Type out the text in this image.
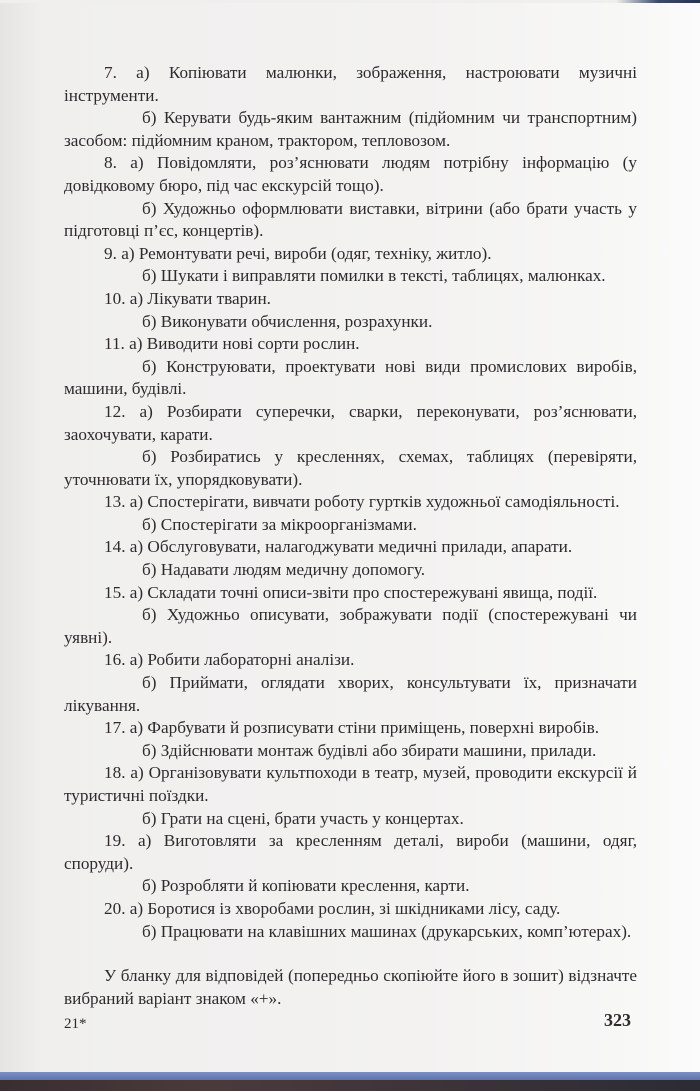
7. а) Копіювати малюнки, зображення, настроювати музичні інструменти.

б) Керувати будь-яким вантажним (підйомним чи транспортним) засобом: підйомним краном, трактором, тепловозом.

8. а) Повідомляти, роз’яснювати людям потрібну інформацію (у довідковому бюро, під час екскурсій тощо).

б) Художньо оформлювати виставки, вітрини (або брати участь у підготовці п’єс, концертів).

9. а) Ремонтувати речі, вироби (одяг, техніку, житло).

б) Шукати і виправляти помилки в тексті, таблицях, малюнках.

10. а) Лікувати тварин.

б) Виконувати обчислення, розрахунки.

11. а) Виводити нові сорти рослин.

б) Конструювати, проектувати нові види промислових виробів, машини, будівлі.

12. а) Розбирати суперечки, сварки, переконувати, роз’яснювати, заохочувати, карати.

б) Розбиратись у кресленнях, схемах, таблицях (перевіряти, уточнювати їх, упорядковувати).

13. а) Спостерігати, вивчати роботу гуртків художньої самодіяльності.

б) Спостерігати за мікроорганізмами.

14. а) Обслуговувати, налагоджувати медичні прилади, апарати.

б) Надавати людям медичну допомогу.

15. а) Складати точні описи-звіти про спостережувані явища, події.

б) Художньо описувати, зображувати події (спостережувані чи уявні).

16. а) Робити лабораторні аналізи.

б) Приймати, оглядати хворих, консультувати їх, призначати лікування.

17. а) Фарбувати й розписувати стіни приміщень, поверхні виробів.

б) Здійснювати монтаж будівлі або збирати машини, прилади.

18. а) Організовувати культпоходи в театр, музей, проводити екскурсії й туристичні поїздки.

б) Грати на сцені, брати участь у концертах.

19. а) Виготовляти за кресленням деталі, вироби (машини, одяг, споруди).

б) Розробляти й копіювати креслення, карти.

20. а) Боротися із хворобами рослин, зі шкідниками лісу, саду.

б) Працювати на клавішних машинах (друкарських, комп’ютерах).

У бланку для відповідей (попередньо скопіюйте його в зошит) відзначте вибраний варіант знаком «+».

21*	323
